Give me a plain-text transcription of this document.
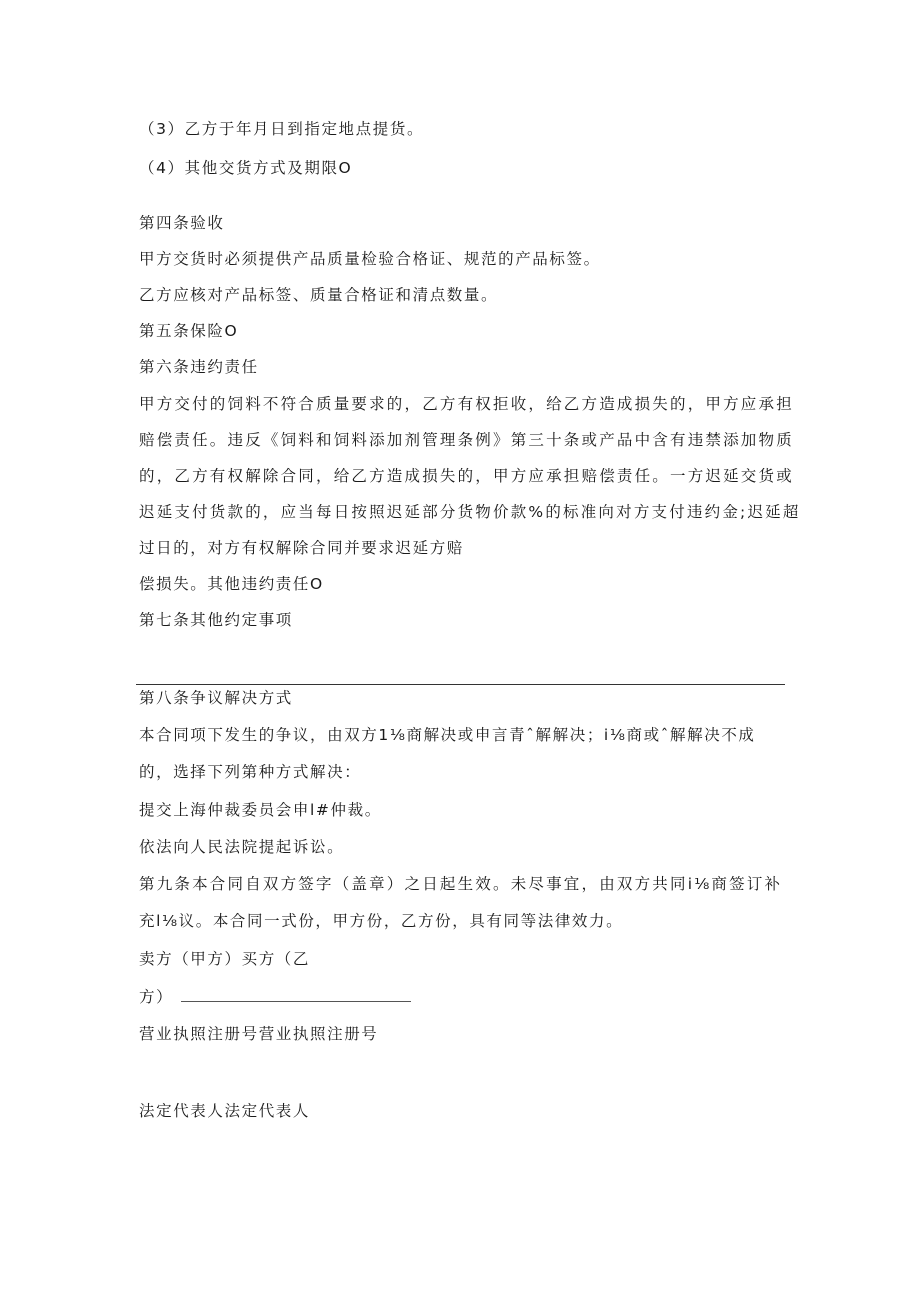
（3）乙方于年月日到指定地点提货。
（4）其他交货方式及期限O
第四条验收
甲方交货时必须提供产品质量检验合格证、规范的产品标签。
乙方应核对产品标签、质量合格证和清点数量。
第五条保险O
第六条违约责任
甲方交付的饲料不符合质量要求的，乙方有权拒收，给乙方造成损失的，甲方应承担
赔偿责任。违反《饲料和饲料添加剂管理条例》第三十条或产品中含有违禁添加物质
的，乙方有权解除合同，给乙方造成损失的，甲方应承担赔偿责任。一方迟延交货或
迟延支付货款的，应当每日按照迟延部分货物价款%的标准向对方支付违约金;迟延超
过日的，对方有权解除合同并要求迟延方赔
偿损失。其他违约责任O
第七条其他约定事项
第八条争议解决方式
本合同项下发生的争议，由双方1⅛商解决或申言青ˆ解解决；i⅛商或ˆ解解决不成
的，选择下列第种方式解决：
提交上海仲裁委员会申l#仲裁。
依法向人民法院提起诉讼。
第九条本合同自双方签字（盖章）之日起生效。未尽事宜，由双方共同i⅛商签订补
充l⅛议。本合同一式份，甲方份，乙方份，具有同等法律效力。
卖方（甲方）买方（乙
方）
营业执照注册号营业执照注册号
法定代表人法定代表人
